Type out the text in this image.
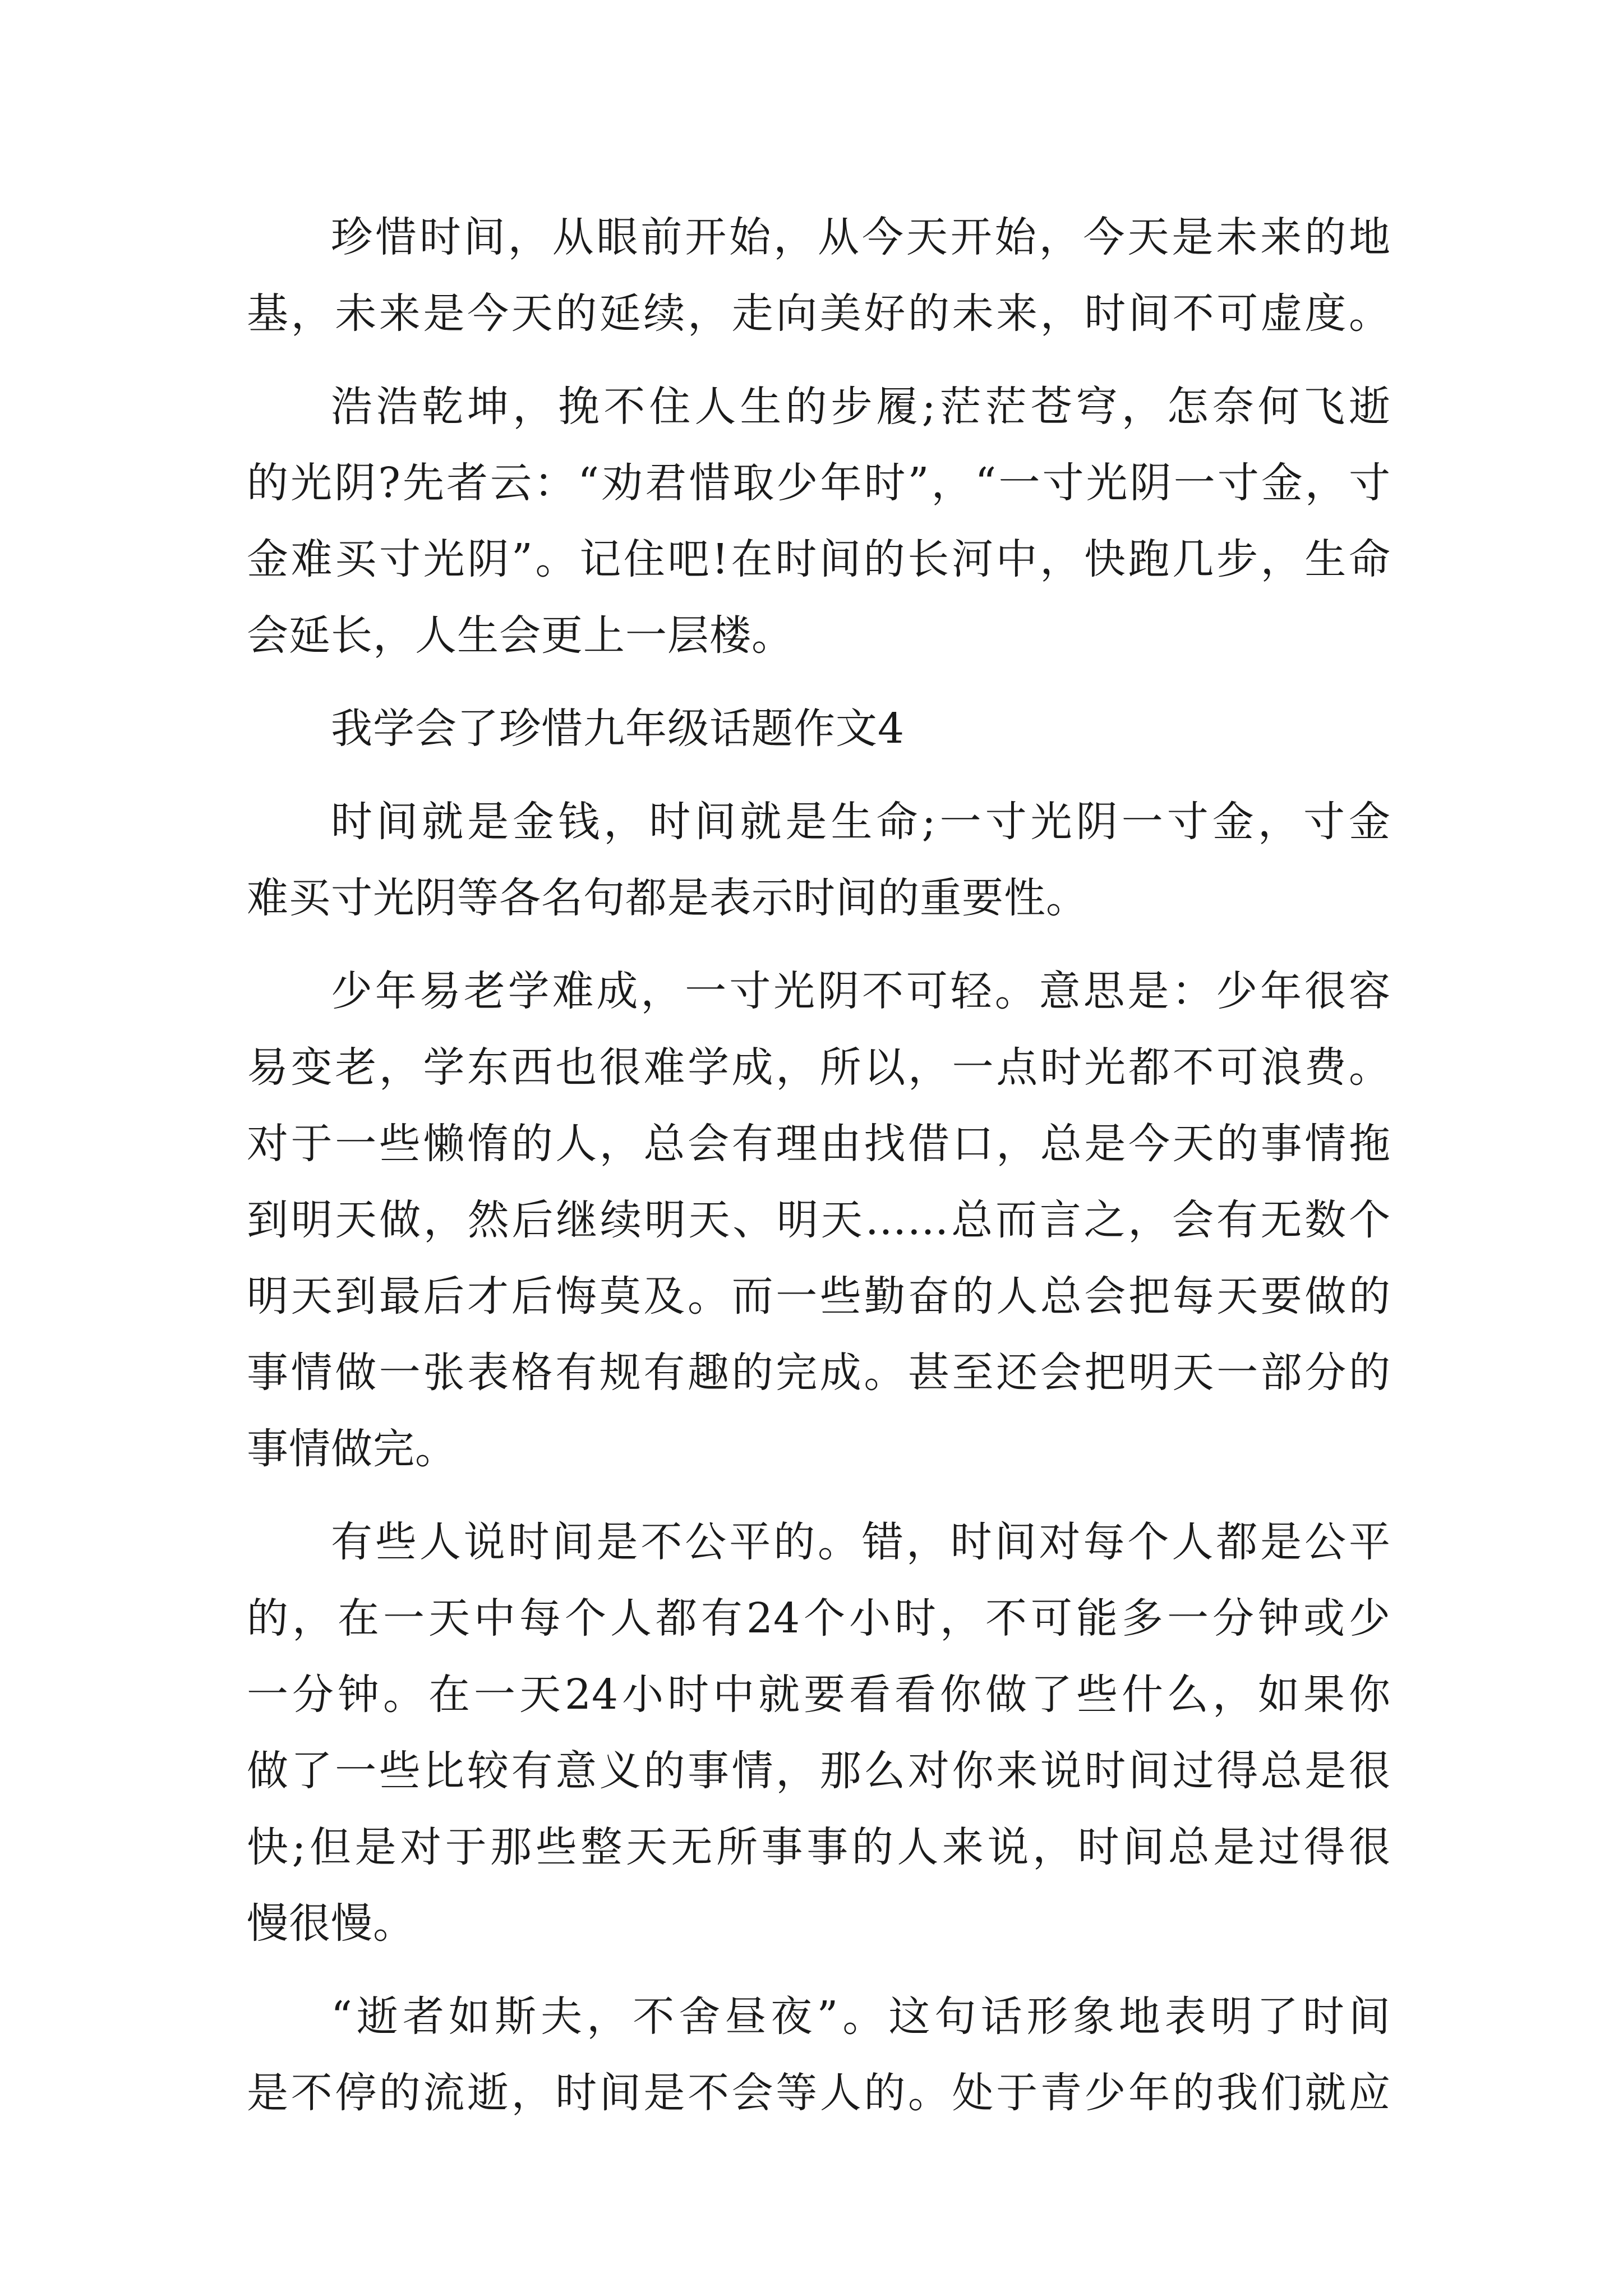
珍惜时间，从眼前开始，从今天开始，今天是未来的地
基，未来是今天的延续，走向美好的未来，时间不可虚度。
浩浩乾坤，挽不住人生的步履;茫茫苍穹，怎奈何飞逝
的光阴?先者云：“劝君惜取少年时”，“一寸光阴一寸金，寸
金难买寸光阴”。记住吧!在时间的长河中，快跑几步，生命
会延长，人生会更上一层楼。
我学会了珍惜九年级话题作文4
时间就是金钱，时间就是生命;一寸光阴一寸金，寸金
难买寸光阴等各名句都是表示时间的重要性。
少年易老学难成，一寸光阴不可轻。意思是：少年很容
易变老，学东西也很难学成，所以，一点时光都不可浪费。
对于一些懒惰的人，总会有理由找借口，总是今天的事情拖
到明天做，然后继续明天、明天……总而言之，会有无数个
明天到最后才后悔莫及。而一些勤奋的人总会把每天要做的
事情做一张表格有规有趣的完成。甚至还会把明天一部分的
事情做完。
有些人说时间是不公平的。错，时间对每个人都是公平
的，在一天中每个人都有24个小时，不可能多一分钟或少
一分钟。在一天24小时中就要看看你做了些什么，如果你
做了一些比较有意义的事情，那么对你来说时间过得总是很
快;但是对于那些整天无所事事的人来说，时间总是过得很
慢很慢。
“逝者如斯夫，不舍昼夜”。这句话形象地表明了时间
是不停的流逝，时间是不会等人的。处于青少年的我们就应
